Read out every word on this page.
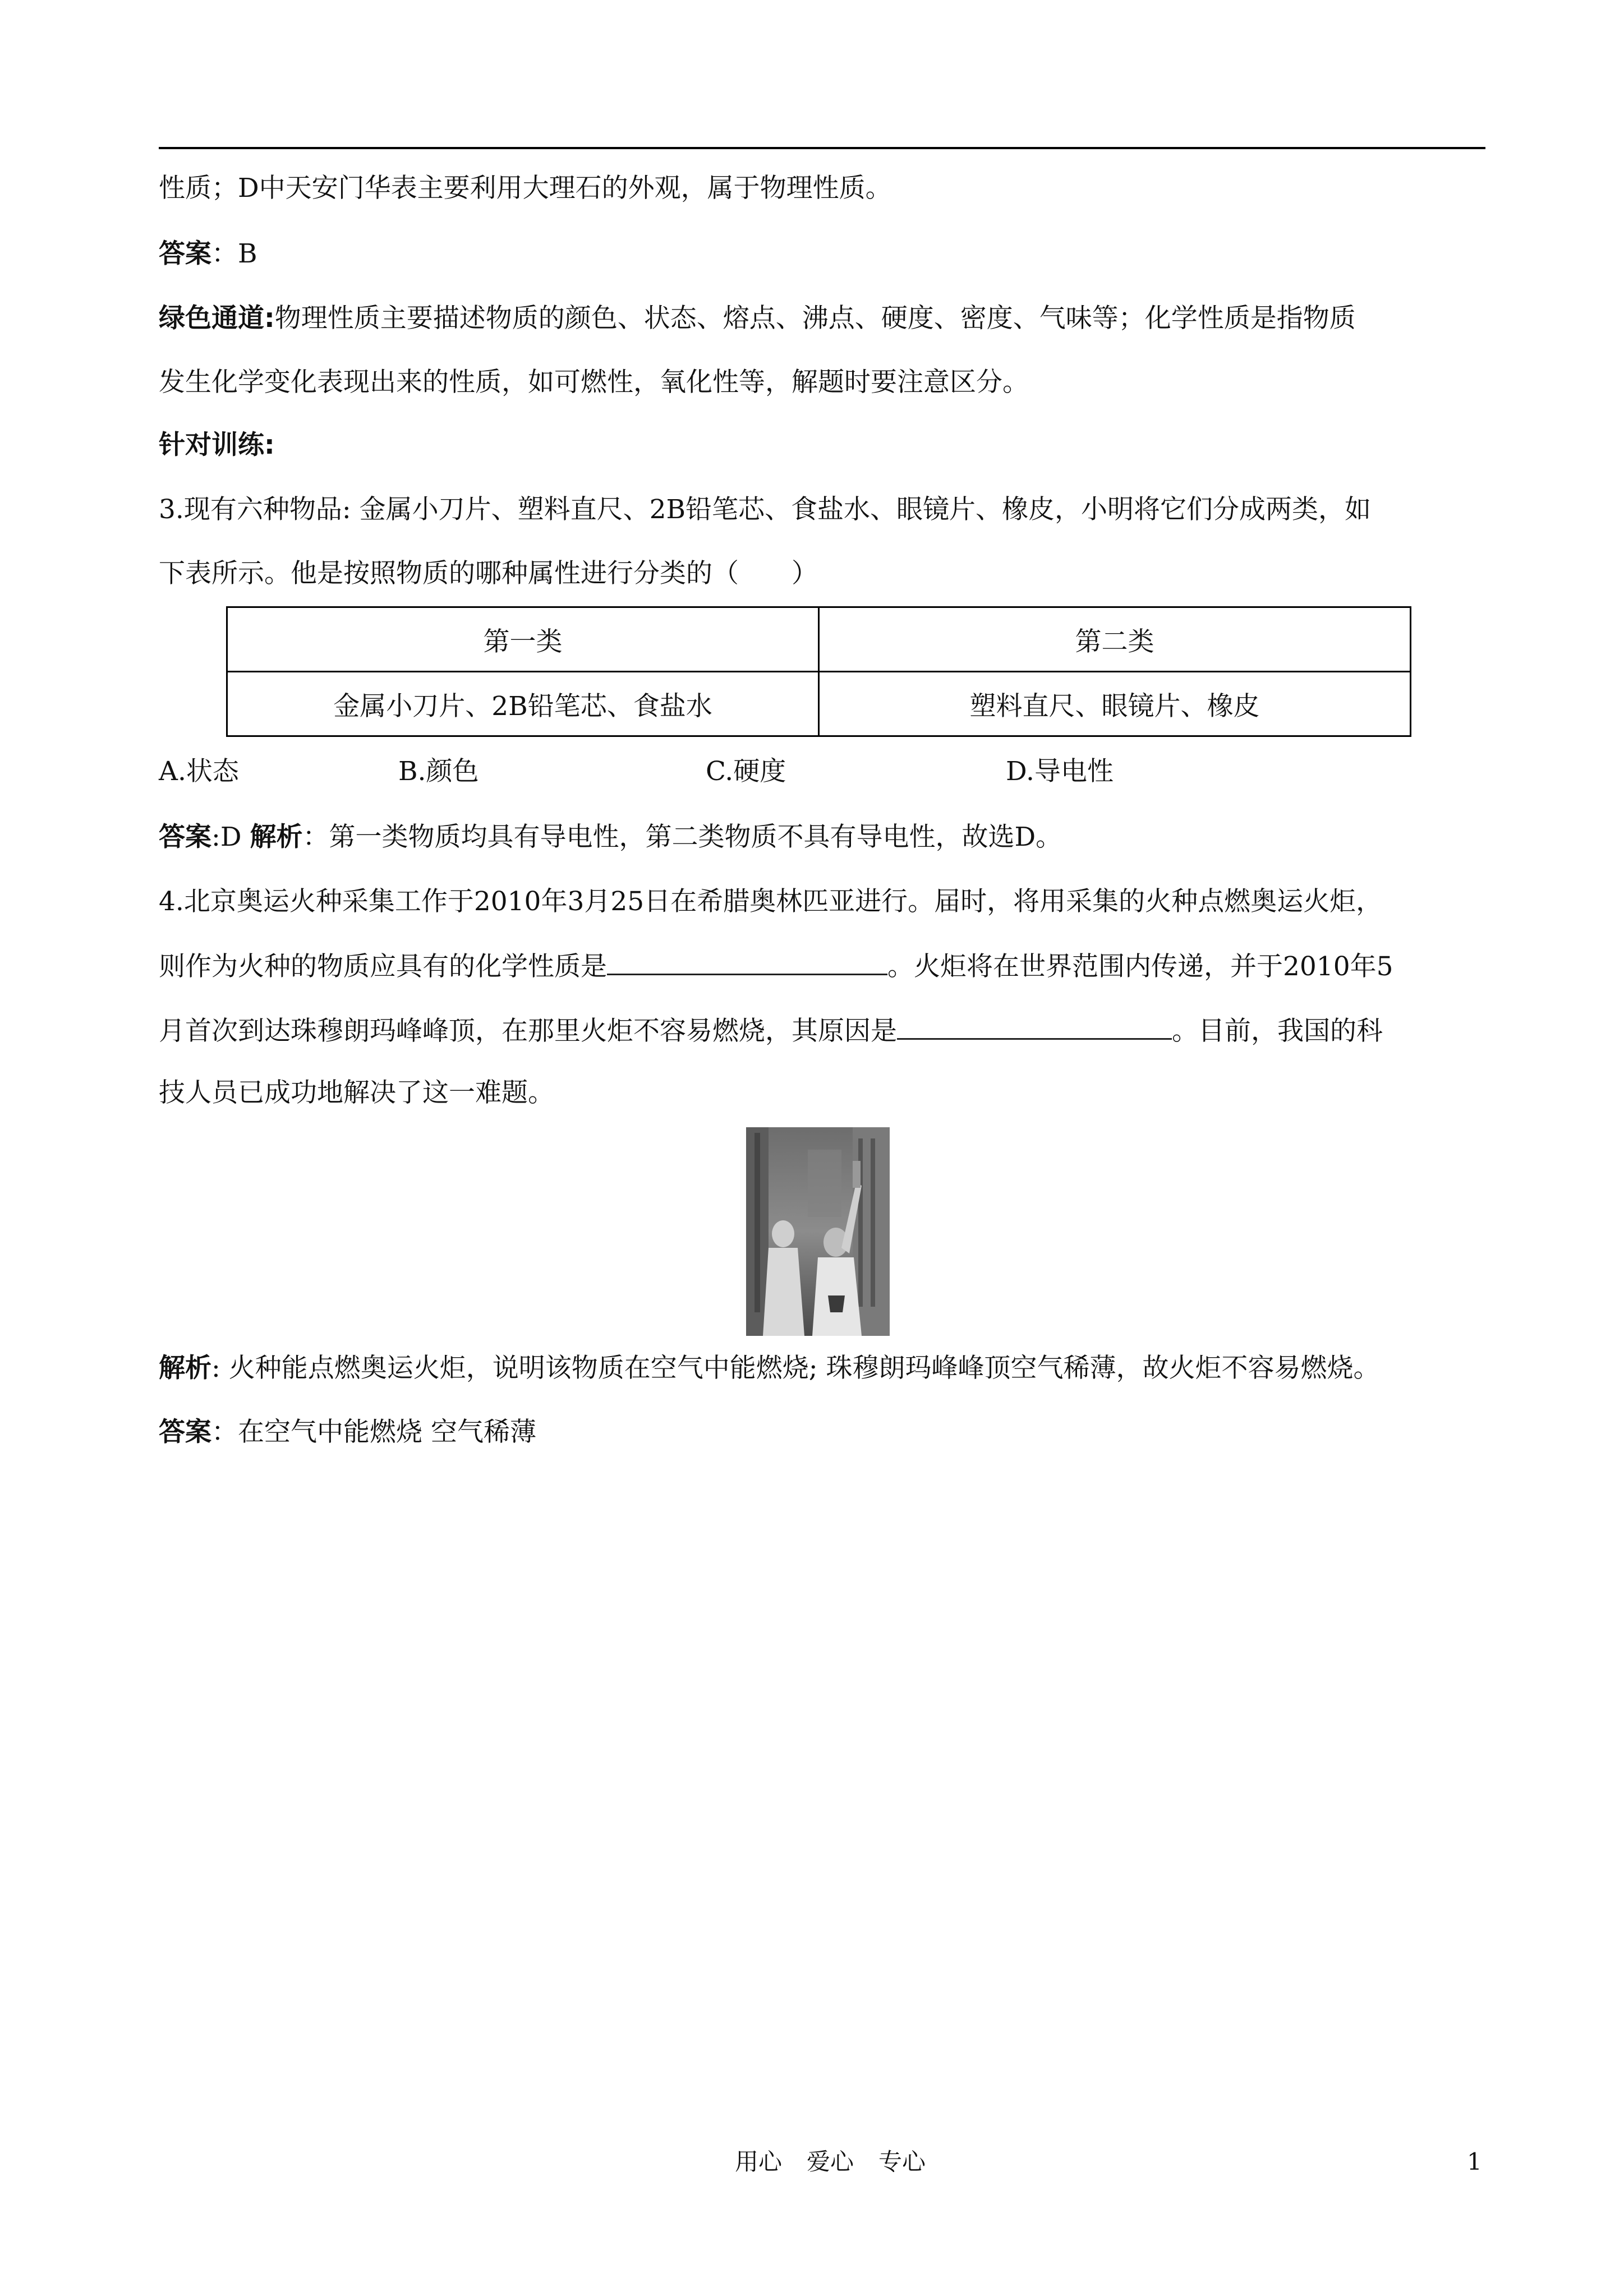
性质；D中天安门华表主要利用大理石的外观，属于物理性质。
答案：B
绿色通道:物理性质主要描述物质的颜色、状态、熔点、沸点、硬度、密度、气味等；化学性质是指物质
发生化学变化表现出来的性质，如可燃性，氧化性等，解题时要注意区分。
针对训练:
3.现有六种物品: 金属小刀片、塑料直尺、2B铅笔芯、食盐水、眼镜片、橡皮，小明将它们分成两类，如
下表所示。他是按照物质的哪种属性进行分类的（　　）
第一类	第二类
金属小刀片、2B铅笔芯、食盐水	塑料直尺、眼镜片、橡皮
A.状态	B.颜色	C.硬度	D.导电性
答案:D 解析：第一类物质均具有导电性，第二类物质不具有导电性，故选D。
4.北京奥运火种采集工作于2010年3月25日在希腊奥林匹亚进行。届时，将用采集的火种点燃奥运火炬，
则作为火种的物质应具有的化学性质是	。火炬将在世界范围内传递，并于2010年5
月首次到达珠穆朗玛峰峰顶，在那里火炬不容易燃烧，其原因是	。目前，我国的科
技人员已成功地解决了这一难题。
解析: 火种能点燃奥运火炬，说明该物质在空气中能燃烧; 珠穆朗玛峰峰顶空气稀薄，故火炬不容易燃烧。
答案：在空气中能燃烧 空气稀薄
用心 爱心 专心	1
